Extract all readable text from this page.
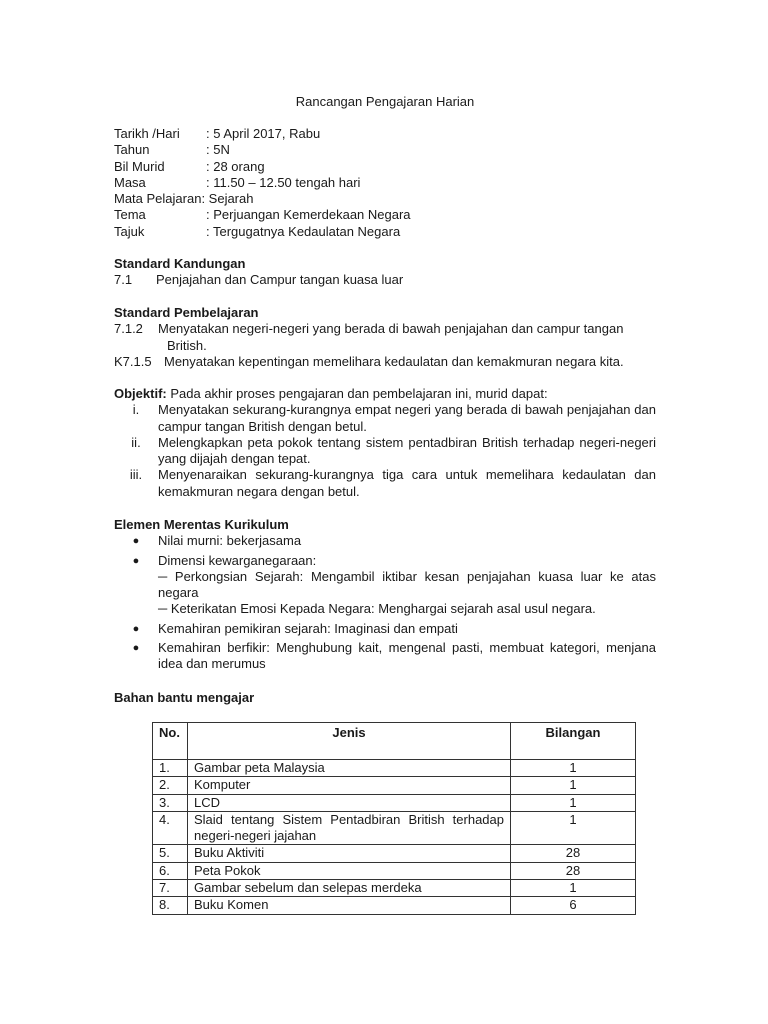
Rancangan Pengajaran Harian
Tarikh /Hari : 5 April 2017, Rabu
Tahun	: 5N
Bil Murid	: 28 orang
Masa	: 11.50 – 12.50 tengah hari
Mata Pelajaran: Sejarah
Tema	: Perjuangan Kemerdekaan Negara
Tajuk	: Tergugatnya Kedaulatan Negara
Standard Kandungan
7.1 Penjajahan dan Campur tangan kuasa luar
Standard Pembelajaran
7.1.2 Menyatakan negeri-negeri yang berada di bawah penjajahan dan campur tangan
British.
K7.1.5 Menyatakan kepentingan memelihara kedaulatan dan kemakmuran negara kita.
Objektif: Pada akhir proses pengajaran dan pembelajaran ini, murid dapat:
i.	Menyatakan sekurang-kurangnya empat negeri yang berada di bawah penjajahan dan campur tangan British dengan betul.
ii.	Melengkapkan peta pokok tentang sistem pentadbiran British terhadap negeri-negeri yang dijajah dengan tepat.
iii.	Menyenaraikan sekurang-kurangnya tiga cara untuk memelihara kedaulatan dan kemakmuran negara dengan betul.
Elemen Merentas Kurikulum
●	Nilai murni: bekerjasama
●	Dimensi kewarganegaraan:
─ Perkongsian Sejarah: Mengambil iktibar kesan penjajahan kuasa luar ke atas negara
─ Keterikatan Emosi Kepada Negara: Menghargai sejarah asal usul negara.
●	Kemahiran pemikiran sejarah: Imaginasi dan empati
●	Kemahiran berfikir: Menghubung kait, mengenal pasti, membuat kategori, menjana idea dan merumus
Bahan bantu mengajar
No.	Jenis	Bilangan
1.	Gambar peta Malaysia	1
2.	Komputer	1
3.	LCD	1
4.	Slaid tentang Sistem Pentadbiran British terhadap negeri-negeri jajahan	1
5.	Buku Aktiviti	28
6.	Peta Pokok	28
7.	Gambar sebelum dan selepas merdeka	1
8.	Buku Komen	6
